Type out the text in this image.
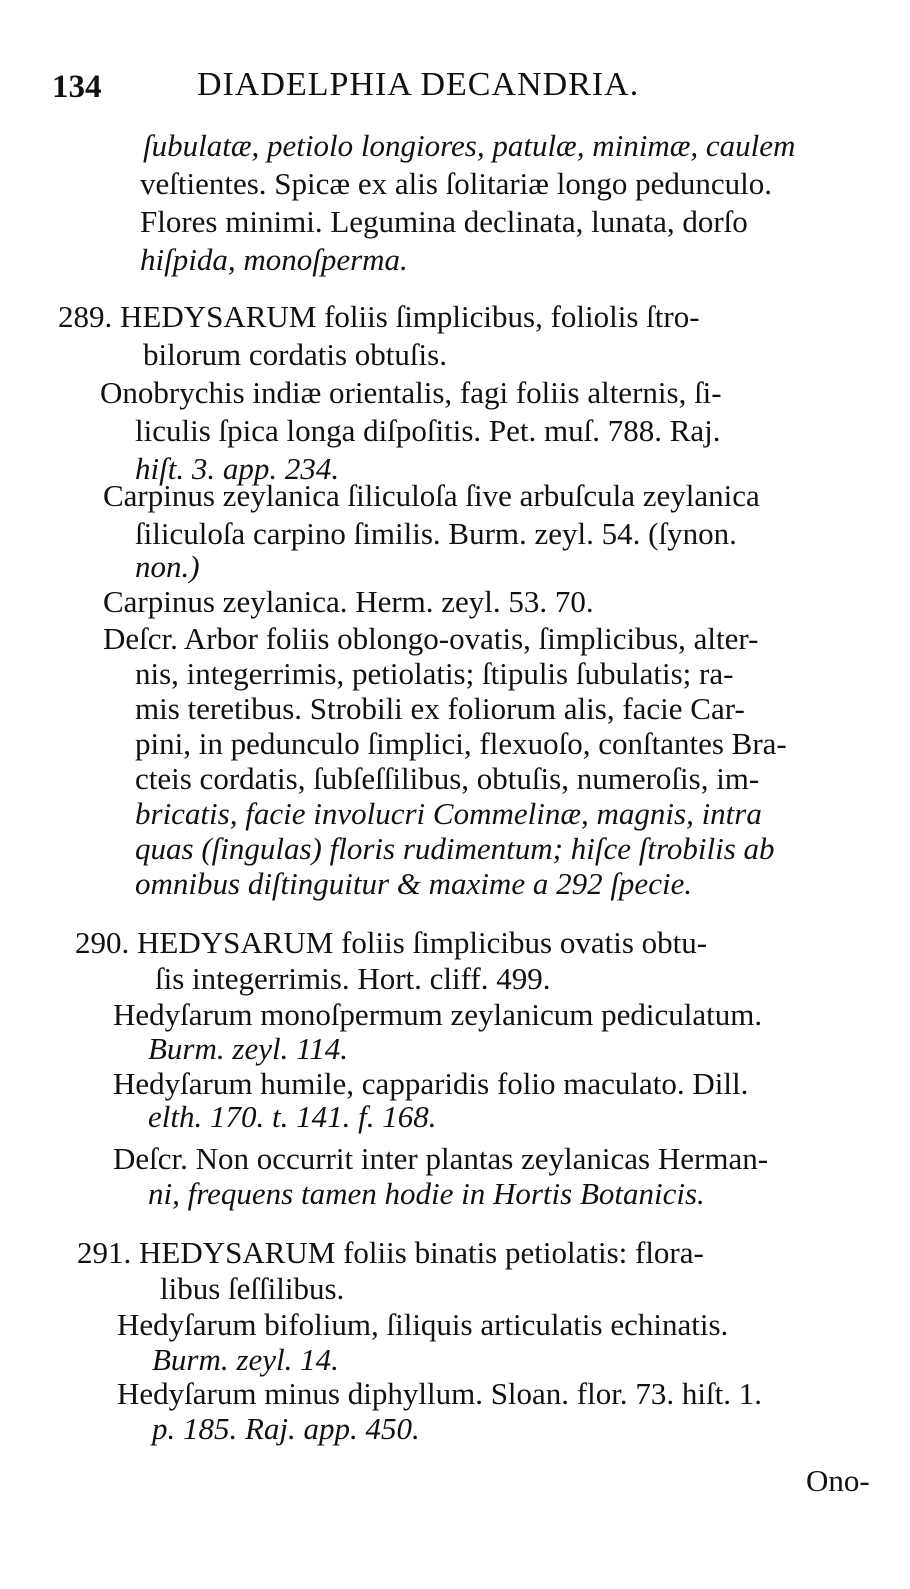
134	DIADELPHIA DECANDRIA.
ſubulatæ, petiolo longiores, patulæ, minimæ, caulem
veſtientes. Spicæ ex alis ſolitariæ longo pedunculo.
Flores minimi. Legumina declinata, lunata, dorſo
hiſpida, monoſperma.
289. HEDYSARUM foliis ſimplicibus, foliolis ſtro-
bilorum cordatis obtuſis.
Onobrychis indiæ orientalis, fagi foliis alternis, ſi-
liculis ſpica longa diſpoſitis. Pet. muſ. 788. Raj.
hiſt. 3. app. 234.
Carpinus zeylanica ſiliculoſa ſive arbuſcula zeylanica
ſiliculoſa carpino ſimilis. Burm. zeyl. 54. (ſynon.
non.)
Carpinus zeylanica. Herm. zeyl. 53. 70.
Deſcr. Arbor foliis oblongo-ovatis, ſimplicibus, alter-
nis, integerrimis, petiolatis; ſtipulis ſubulatis; ra-
mis teretibus. Strobili ex foliorum alis, facie Car-
pini, in pedunculo ſimplici, flexuoſo, conſtantes Bra-
cteis cordatis, ſubſeſſilibus, obtuſis, numeroſis, im-
bricatis, facie involucri Commelinæ, magnis, intra
quas (ſingulas) floris rudimentum; hiſce ſtrobilis ab
omnibus diſtinguitur & maxime a 292 ſpecie.
290. HEDYSARUM foliis ſimplicibus ovatis obtu-
ſis integerrimis. Hort. cliff. 499.
Hedyſarum monoſpermum zeylanicum pediculatum.
Burm. zeyl. 114.
Hedyſarum humile, capparidis folio maculato. Dill.
elth. 170. t. 141. f. 168.
Deſcr. Non occurrit inter plantas zeylanicas Herman-
ni, frequens tamen hodie in Hortis Botanicis.
291. HEDYSARUM foliis binatis petiolatis: flora-
libus ſeſſilibus.
Hedyſarum bifolium, ſiliquis articulatis echinatis.
Burm. zeyl. 14.
Hedyſarum minus diphyllum. Sloan. flor. 73. hiſt. 1.
p. 185. Raj. app. 450.
Ono-
